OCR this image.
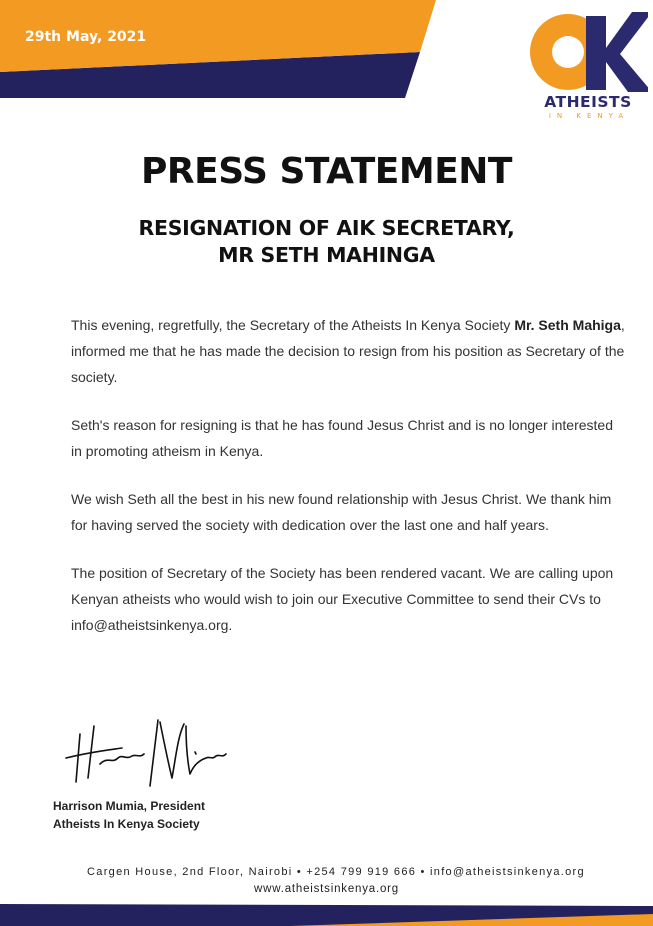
29th May, 2021
ATHEISTS
IN KENYA
PRESS STATEMENT
RESIGNATION OF AIK SECRETARY,
MR SETH MAHINGA

This evening, regretfully, the Secretary of the Atheists In Kenya Society Mr. Seth Mahiga, informed me that he has made the decision to resign from his position as Secretary of the society.

Seth's reason for resigning is that he has found Jesus Christ and is no longer interested in promoting atheism in Kenya.

We wish Seth all the best in his new found relationship with Jesus Christ. We thank him for having served the society with dedication over the last one and half years.

The position of Secretary of the Society has been rendered vacant. We are calling upon Kenyan atheists who would wish to join our Executive Committee to send their CVs to info@atheistsinkenya.org.

Harrison Mumia, President
Atheists In Kenya Society
Cargen House, 2nd Floor, Nairobi • +254 799 919 666 • info@atheistsinkenya.org
www.atheistsinkenya.org
